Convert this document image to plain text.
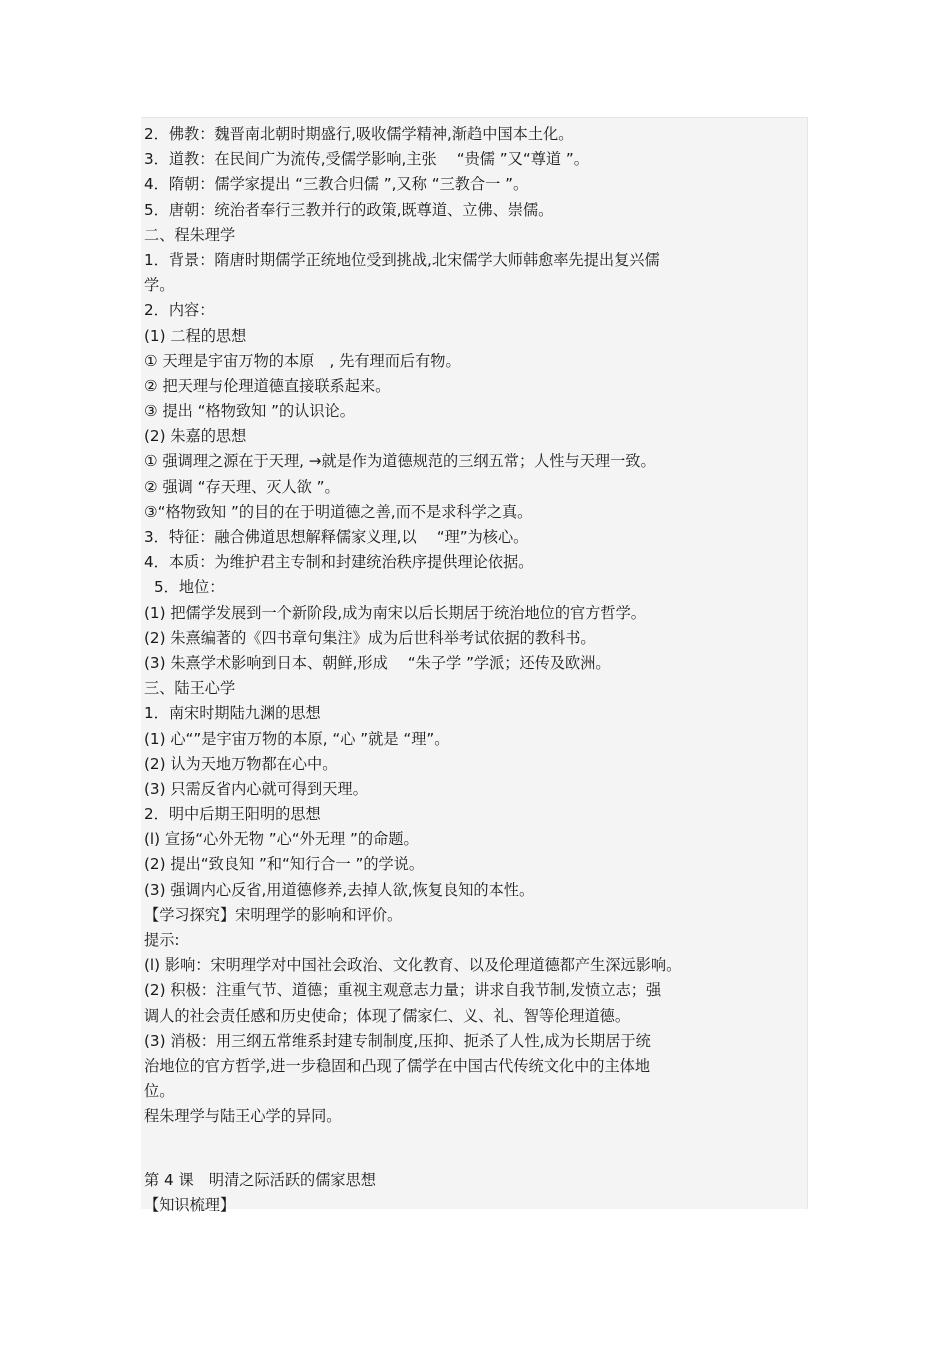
2．佛教：魏晋南北朝时期盛行,吸收儒学精神,渐趋中国本土化。
3．道教：在民间广为流传,受儒学影响,主张　 “贵儒 ”又“尊道 ”。
4．隋朝：儒学家提出 “三教合归儒 ”,又称 “三教合一 ”。
5．唐朝：统治者奉行三教并行的政策,既尊道、立佛、崇儒。
二、程朱理学
1．背景：隋唐时期儒学正统地位受到挑战,北宋儒学大师韩愈率先提出复兴儒
学。
2．内容：
(1) 二程的思想
① 天理是宇宙万物的本原　, 先有理而后有物。
② 把天理与伦理道德直接联系起来。
③ 提出 “格物致知 ”的认识论。
(2) 朱嘉的思想
① 强调理之源在于天理, →就是作为道德规范的三纲五常；人性与天理一致。
② 强调 “存天理、灭人欲 ”。
③“格物致知 ”的目的在于明道德之善,而不是求科学之真。
3．特征：融合佛道思想解释儒家义理,以　 “理”为核心。
4．本质：为维护君主专制和封建统治秩序提供理论依据。
5．地位：
(1) 把儒学发展到一个新阶段,成为南宋以后长期居于统治地位的官方哲学。
(2) 朱熹编著的《四书章句集注》成为后世科举考试依据的教科书。
(3) 朱熹学术影响到日本、朝鲜,形成　 “朱子学 ”学派；还传及欧洲。
三、陆王心学
1．南宋时期陆九渊的思想
(1) 心“”是宇宙万物的本原, “心 ”就是 “理”。
(2) 认为天地万物都在心中。
(3) 只需反省内心就可得到天理。
2．明中后期王阳明的思想
(l) 宣扬“心外无物 ”心“外无理 ”的命题。
(2) 提出“致良知 ”和“知行合一 ”的学说。
(3) 强调内心反省,用道德修养,去掉人欲,恢复良知的本性。
【学习探究】宋明理学的影响和评价。
提示:
(l) 影响：宋明理学对中国社会政治、文化教育、以及伦理道德都产生深远影响。
(2) 积极：注重气节、道德；重视主观意志力量；讲求自我节制,发愤立志；强
调人的社会责任感和历史使命；体现了儒家仁、义、礼、智等伦理道德。
(3) 消极：用三纲五常维系封建专制制度,压抑、扼杀了人性,成为长期居于统
治地位的官方哲学,进一步稳固和凸现了儒学在中国古代传统文化中的主体地
位。
程朱理学与陆王心学的异同。
第 4 课　明清之际活跃的儒家思想
【知识梳理】
